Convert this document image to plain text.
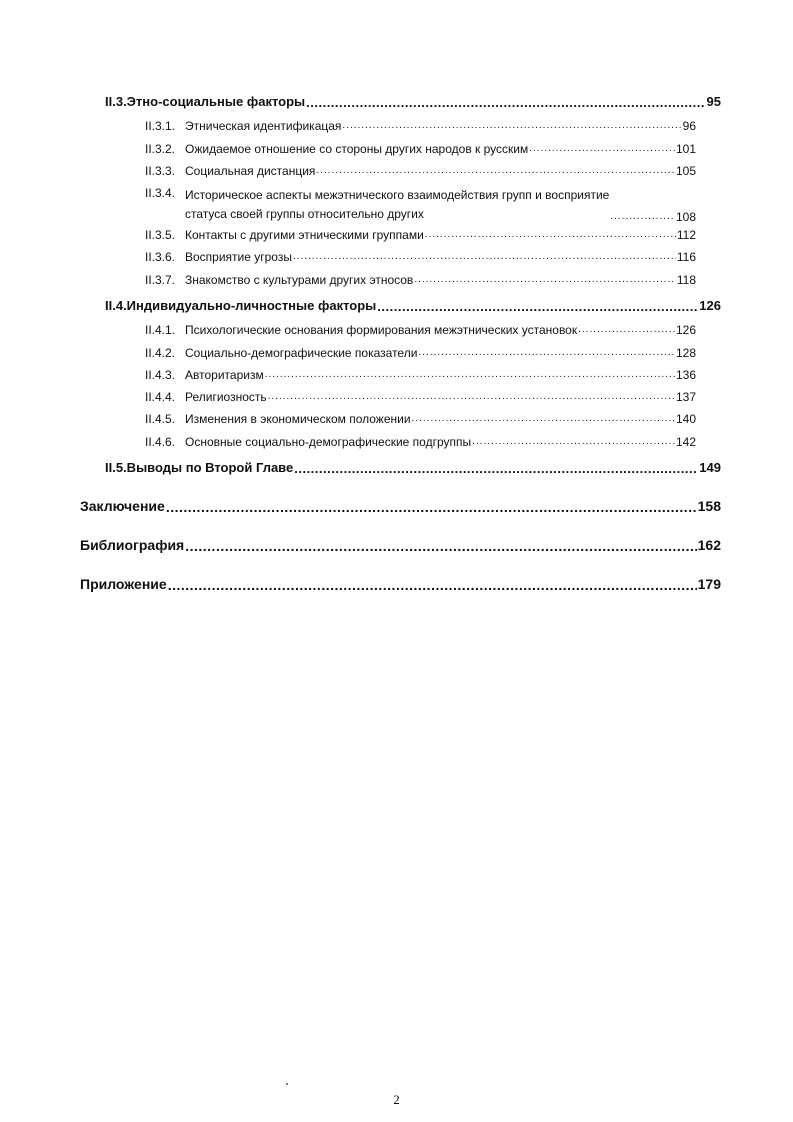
II.3.Этно-социальные факторы .....	95
II.3.1. Этническая идентификацая .....	96
II.3.2. Ожидаемое отношение со стороны других народов к русским .....	101
II.3.3. Социальная дистанция .....	105
II.3.4. Историческое аспекты межэтнического взаимодействия групп и восприятие
статуса своей группы относительно других .....	108
II.3.5. Контакты с другими этническими группами .....	112
II.3.6. Восприятие угрозы .....	116
II.3.7. Знакомство с культурами других этносов .....	118
II.4.Индивидуально-личностные факторы .....	126
II.4.1. Психологические основания формирования межэтнических установок .....	126
II.4.2. Социально-демографические показатели .....	128
II.4.3. Авторитаризм .....	136
II.4.4. Религиозность .....	137
II.4.5. Изменения в экономическом положении .....	140
II.4.6. Основные социально-демографические подгруппы .....	142
II.5.Выводы по Второй Главе .....	149
Заключение .....	158
Библиография .....	162
Приложение .....	179
2
